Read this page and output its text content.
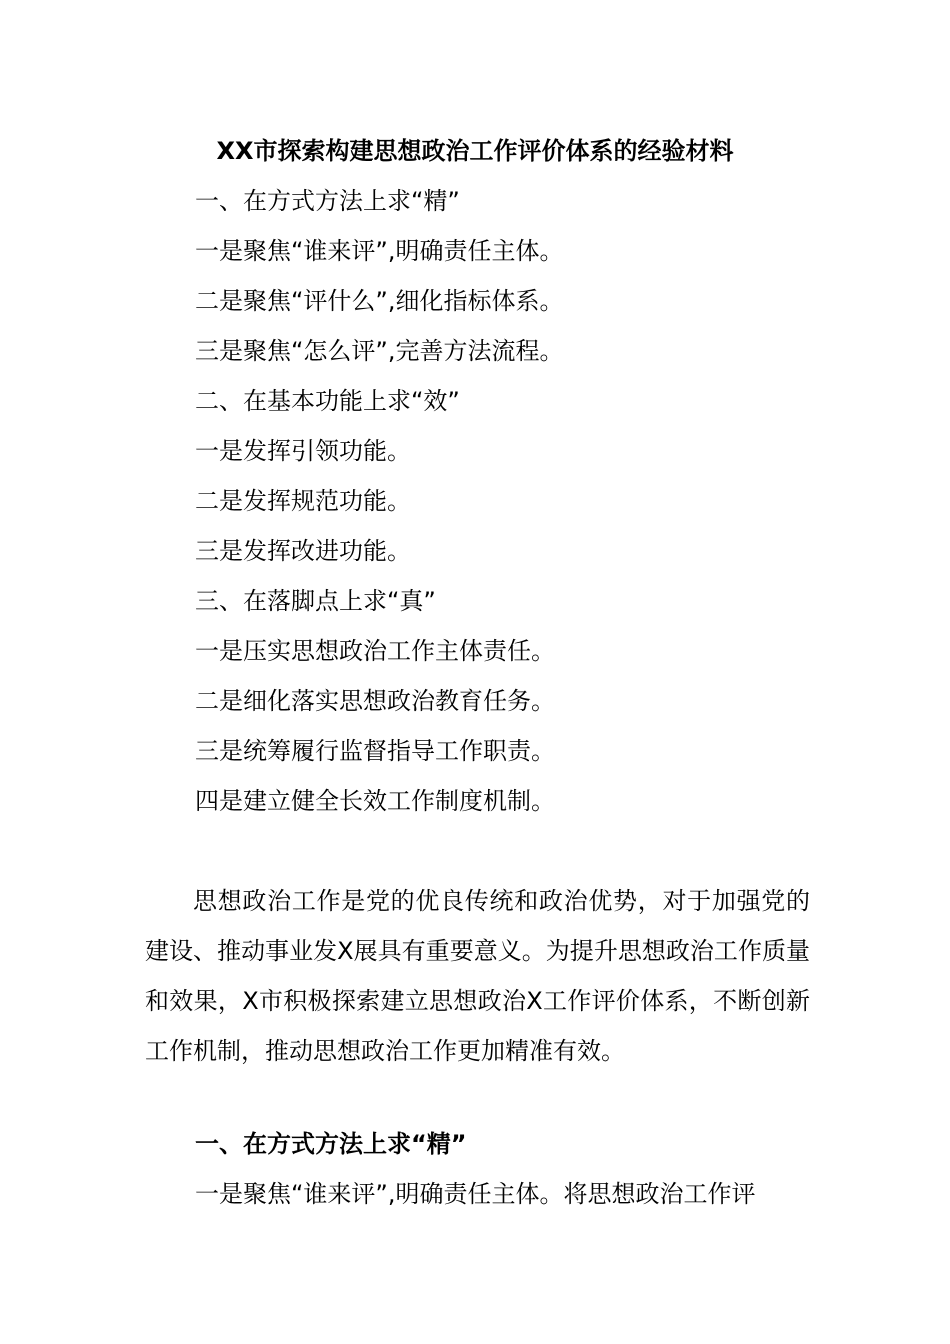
XX市探索构建思想政治工作评价体系的经验材料
一、在方式方法上求“精”
一是聚焦“谁来评”,明确责任主体。
二是聚焦“评什么”,细化指标体系。
三是聚焦“怎么评”,完善方法流程。
二、在基本功能上求“效”
一是发挥引领功能。
二是发挥规范功能。
三是发挥改进功能。
三、在落脚点上求“真”
一是压实思想政治工作主体责任。
二是细化落实思想政治教育任务。
三是统筹履行监督指导工作职责。
四是建立健全长效工作制度机制。
思想政治工作是党的优良传统和政治优势，对于加强党的建设、推动事业发X展具有重要意义。为提升思想政治工作质量和效果，X市积极探索建立思想政治X工作评价体系，不断创新工作机制，推动思想政治工作更加精准有效。
一、在方式方法上求“精”
一是聚焦“谁来评”,明确责任主体。将思想政治工作评
